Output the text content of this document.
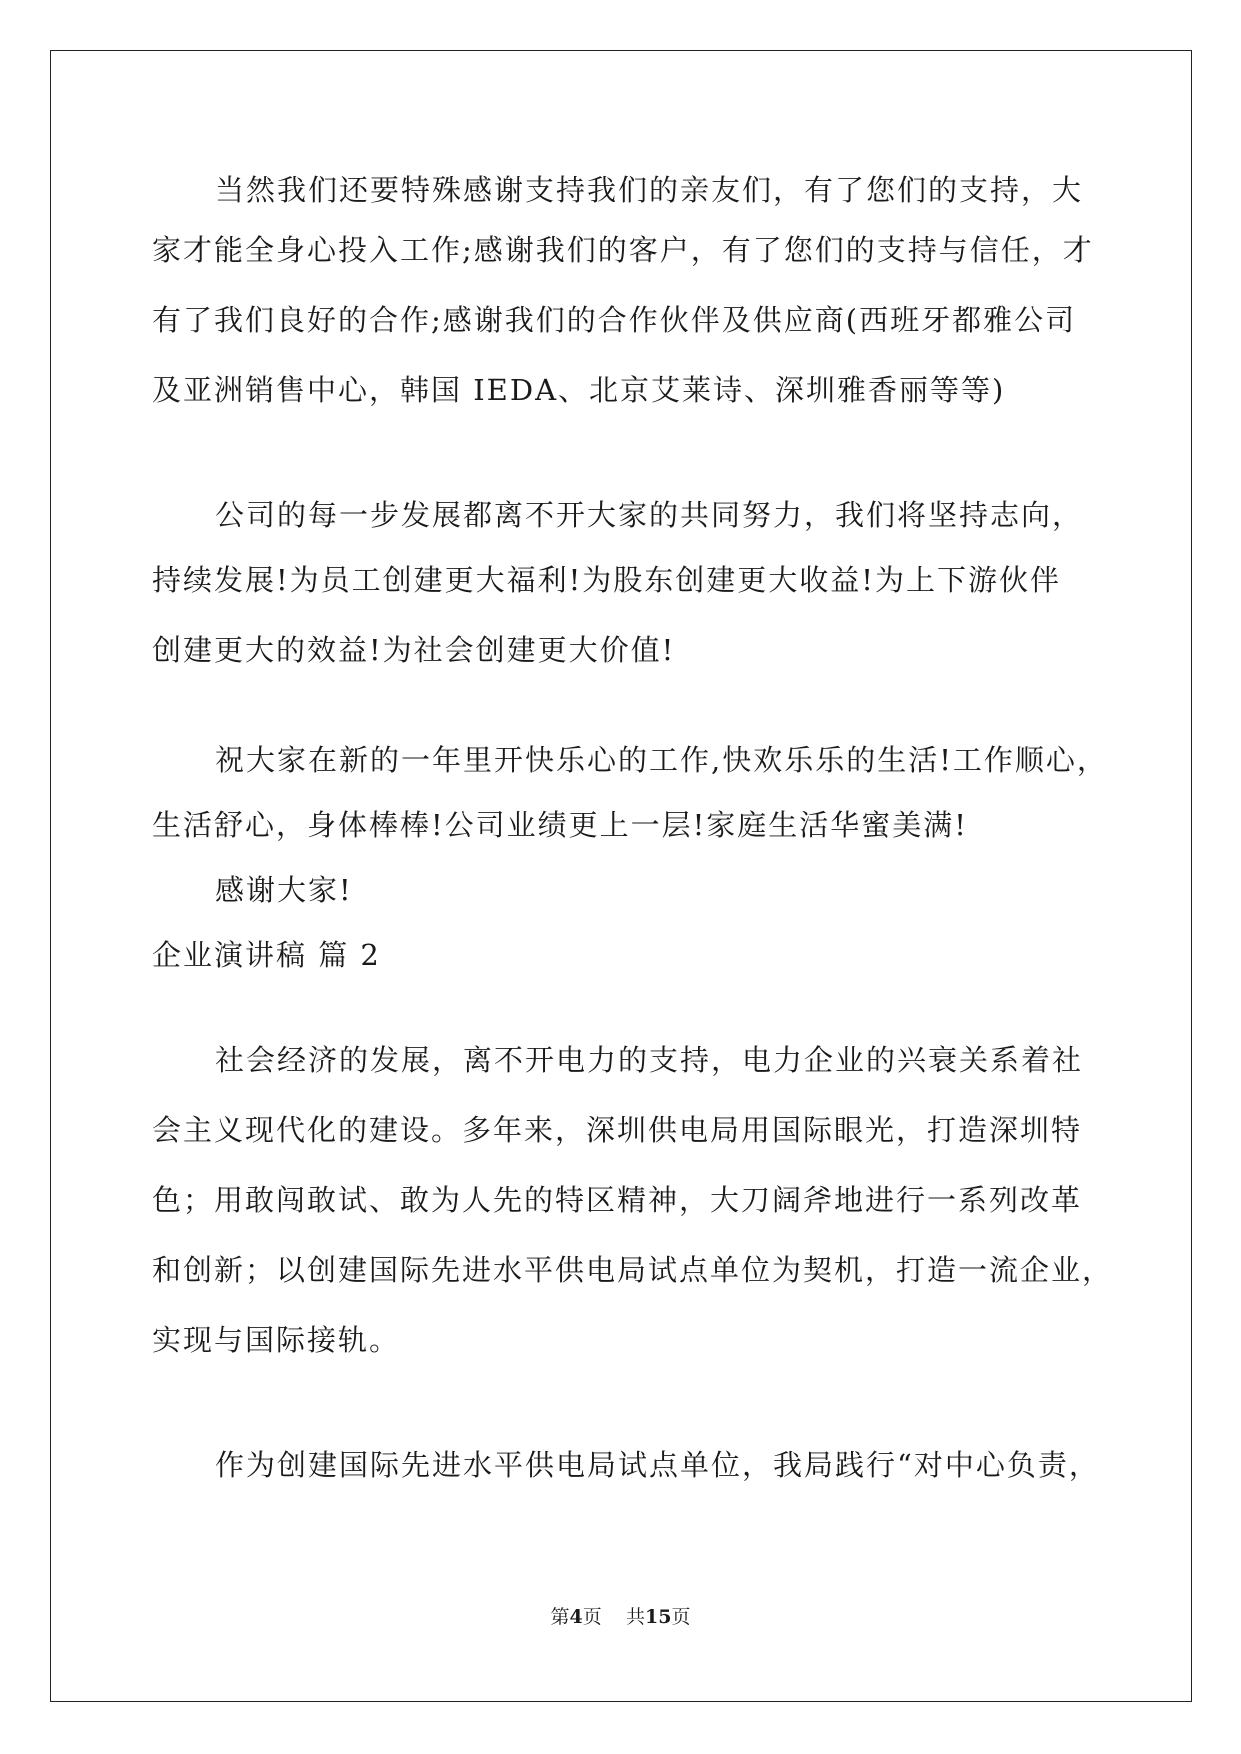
当然我们还要特殊感谢支持我们的亲友们，有了您们的支持，大
家才能全身心投入工作;感谢我们的客户，有了您们的支持与信任，才
有了我们良好的合作;感谢我们的合作伙伴及供应商(西班牙都雅公司
及亚洲销售中心，韩国 IEDA、北京艾莱诗、深圳雅香丽等等)
公司的每一步发展都离不开大家的共同努力，我们将坚持志向，
持续发展!为员工创建更大福利!为股东创建更大收益!为上下游伙伴
创建更大的效益!为社会创建更大价值!
祝大家在新的一年里开快乐心的工作,快欢乐乐的生活!工作顺心，
生活舒心，身体棒棒!公司业绩更上一层!家庭生活华蜜美满!
感谢大家!
企业演讲稿 篇 2
社会经济的发展，离不开电力的支持，电力企业的兴衰关系着社
会主义现代化的建设。多年来，深圳供电局用国际眼光，打造深圳特
色；用敢闯敢试、敢为人先的特区精神，大刀阔斧地进行一系列改革
和创新；以创建国际先进水平供电局试点单位为契机，打造一流企业，
实现与国际接轨。
作为创建国际先进水平供电局试点单位，我局践行“对中心负责，
第4页 共15页
